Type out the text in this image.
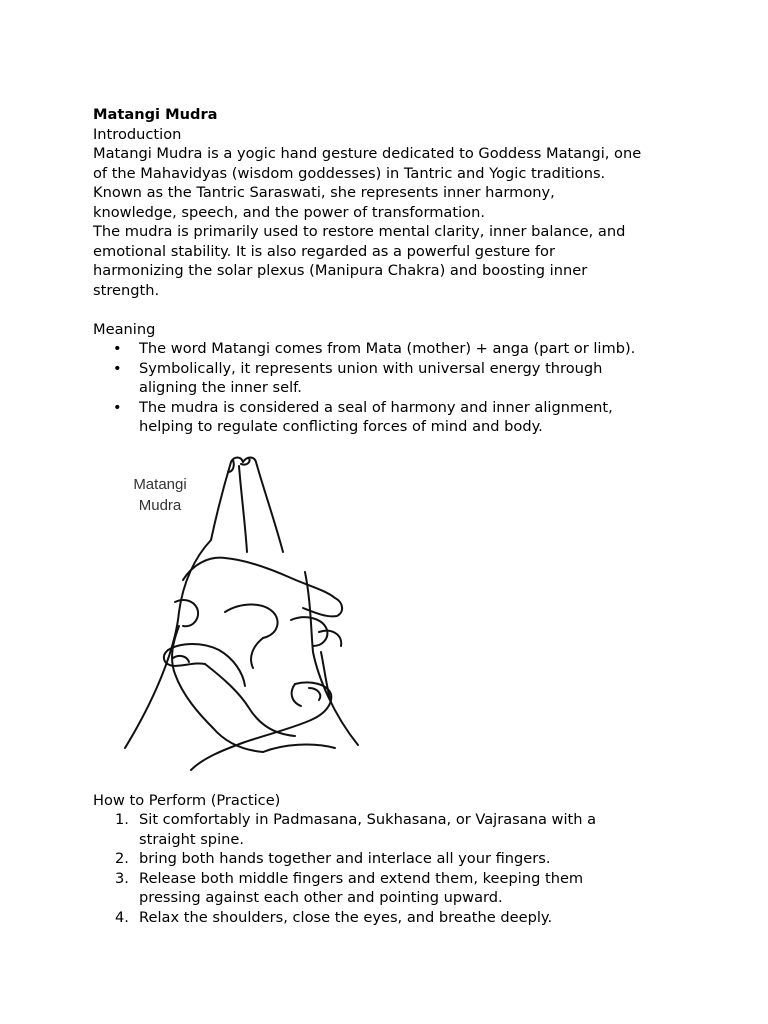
Matangi Mudra

Introduction

Matangi Mudra is a yogic hand gesture dedicated to Goddess Matangi, one

of the Mahavidyas (wisdom goddesses) in Tantric and Yogic traditions.

Known as the Tantric Saraswati, she represents inner harmony,

knowledge, speech, and the power of transformation.

The mudra is primarily used to restore mental clarity, inner balance, and

emotional stability. It is also regarded as a powerful gesture for

harmonizing the solar plexus (Manipura Chakra) and boosting inner

strength.

Meaning

• The word Matangi comes from Mata (mother) + anga (part or limb).

• Symbolically, it represents union with universal energy through

aligning the inner self.

• The mudra is considered a seal of harmony and inner alignment,

helping to regulate conflicting forces of mind and body.

Matangi
Mudra

How to Perform (Practice)

1. Sit comfortably in Padmasana, Sukhasana, or Vajrasana with a

straight spine.

2. bring both hands together and interlace all your fingers.

3. Release both middle fingers and extend them, keeping them

pressing against each other and pointing upward.

4. Relax the shoulders, close the eyes, and breathe deeply.
